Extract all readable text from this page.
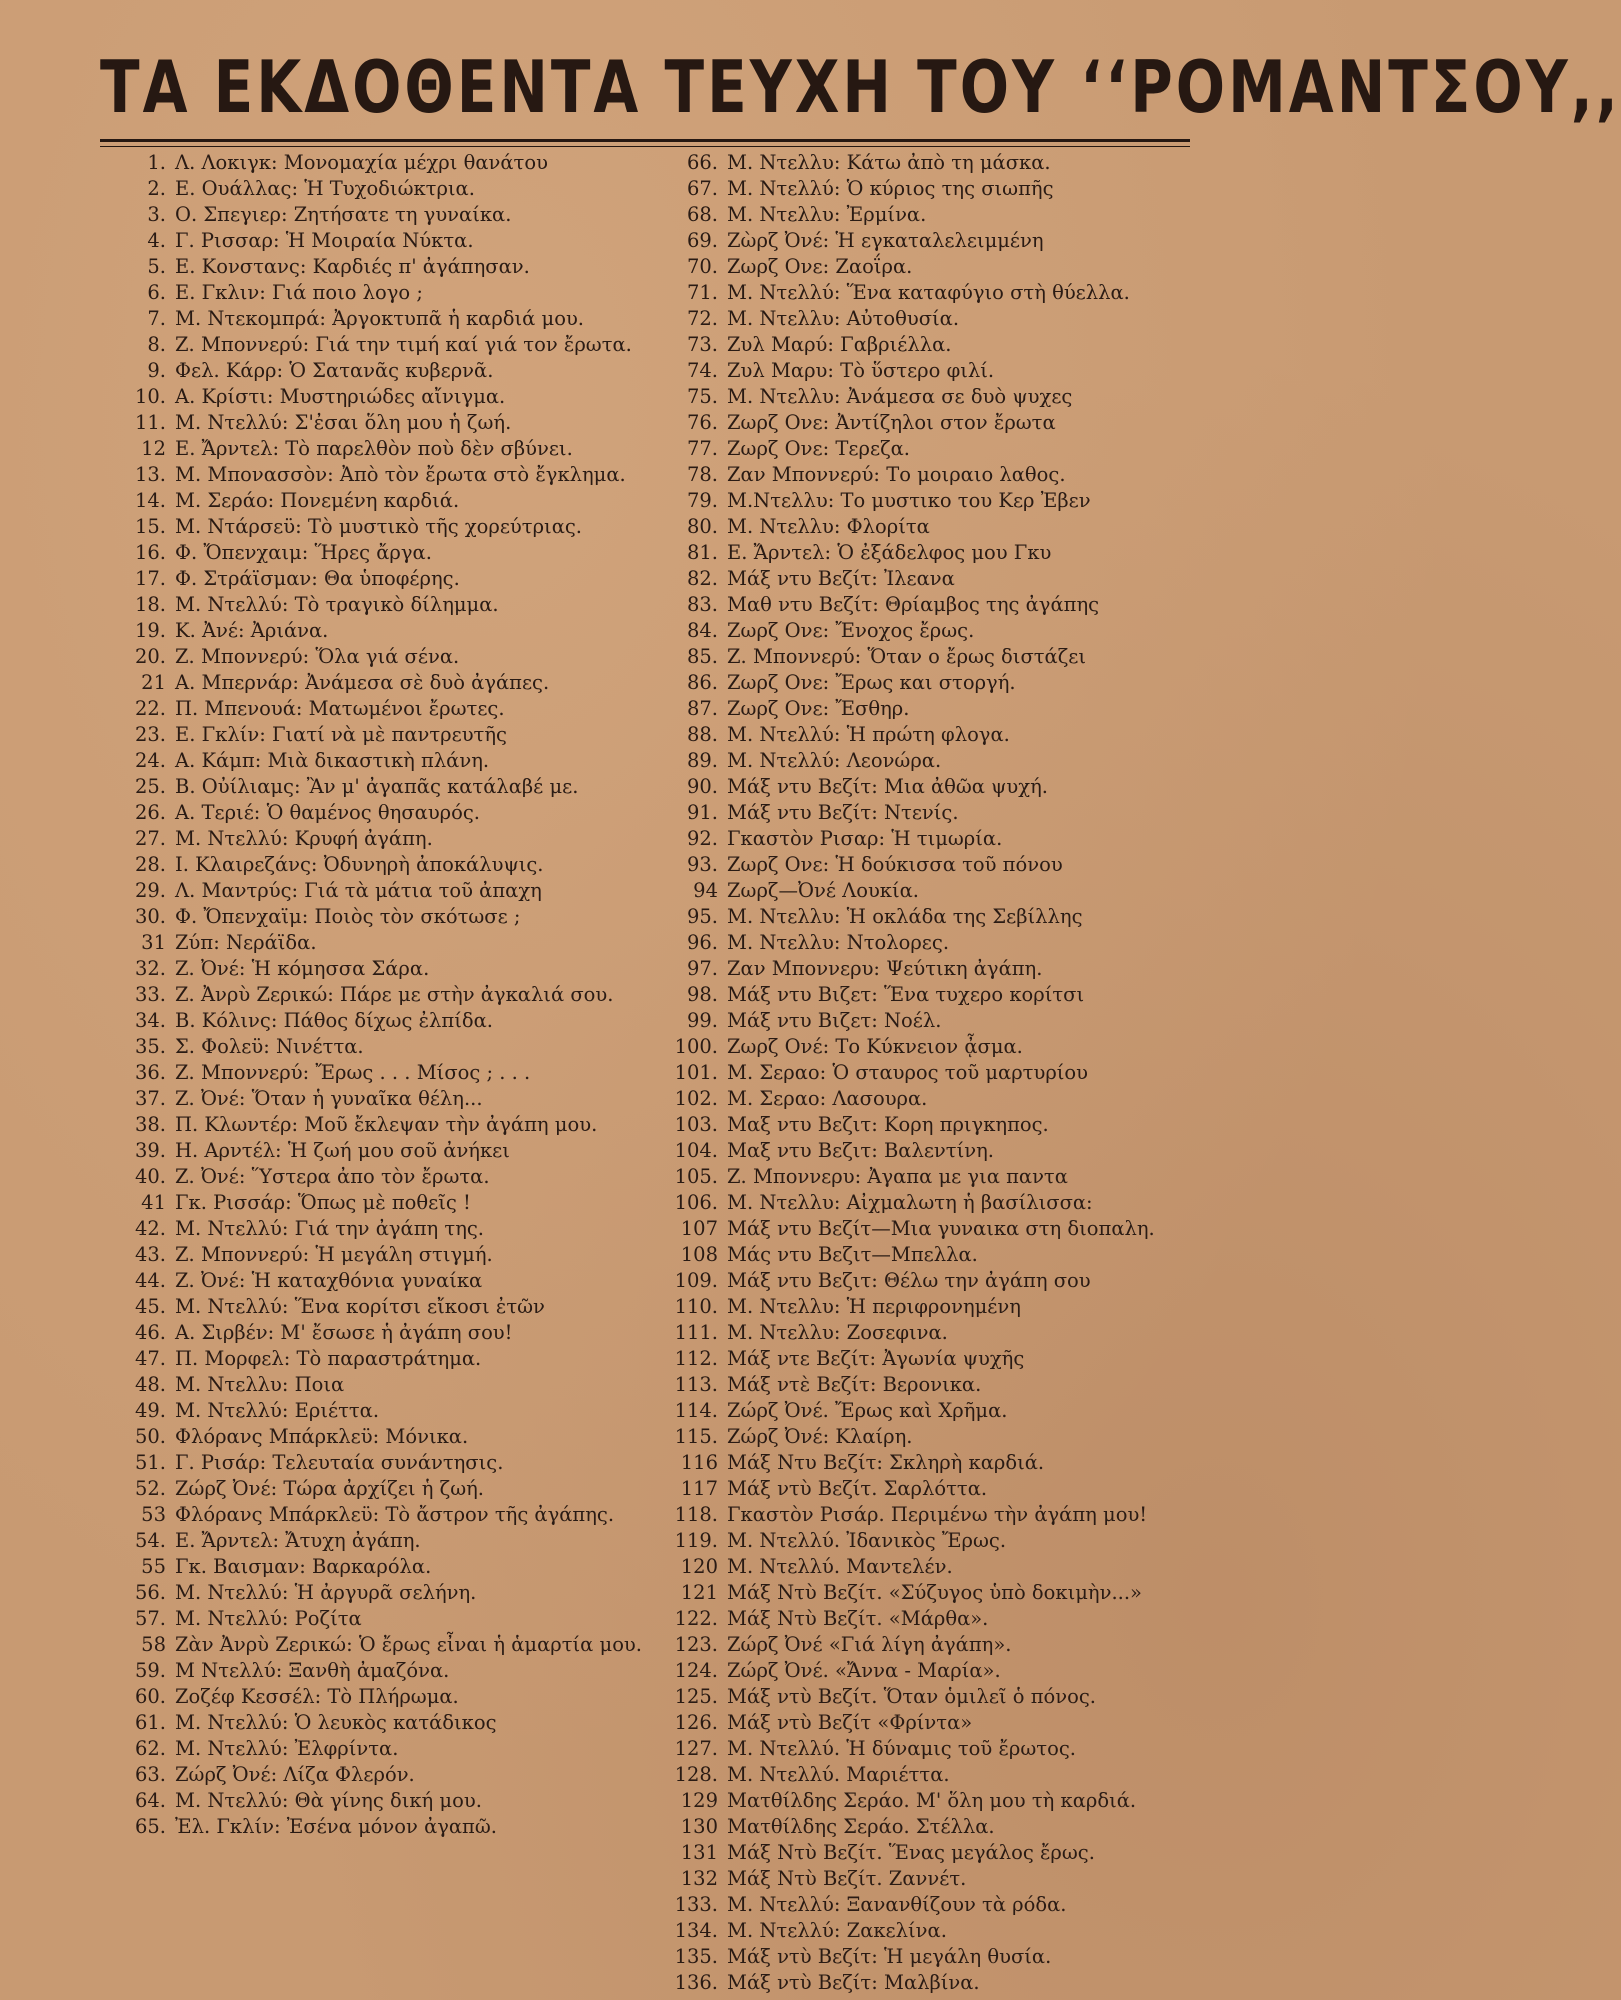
ΤΑ ΕΚΔΟΘΕΝΤΑ ΤΕΥΧΗ ΤΟΥ ‘‘ΡΟΜΑΝΤΣΟΥ,,
1. Λ. Λοκιγκ: Μονομαχία μέχρι θανάτου
2. Ε. Ουάλλας: Ἡ Τυχοδιώκτρια.
3. Ο. Σπεγιερ: Ζητήσατε τη γυναίκα.
4. Γ. Ρισσαρ: Ἡ Μοιραία Νύκτα.
5. Ε. Κονστανς: Καρδιές π' ἀγάπησαν.
6. Ε. Γκλιν: Γιά ποιο λογο ;
7. Μ. Ντεκομπρά: Ἀργοκτυπᾶ ἡ καρδιά μου.
8. Ζ. Μποννερύ: Γιά την τιμή καί γιά τον ἔρωτα.
9. Φελ. Κάρρ: Ὁ Σατανᾶς κυβερνᾶ.
10. Α. Κρίστι: Μυστηριώδες αἴνιγμα.
11. Μ. Ντελλύ: Σ'ἐσαι ὅλη μου ἡ ζωή.
12 Ε. Ἄρντελ: Τὸ παρελθὸν ποὺ δὲν σβύνει.
13. Μ. Μπονασσὸν: Ἀπὸ τὸν ἔρωτα στὸ ἔγκλημα.
14. Μ. Σεράο: Πονεμένη καρδιά.
15. Μ. Ντάρσεϋ: Τὸ μυστικὸ τῆς χορεύτριας.
16. Φ. Ὄπενχαιμ: Ἥρες ἄργα.
17. Φ. Στράϊσμαν: Θα ὑποφέρης.
18. Μ. Ντελλύ: Τὸ τραγικὸ δίλημμα.
19. Κ. Ἀνέ: Ἀριάνα.
20. Ζ. Μποννερύ: Ὅλα γιά σένα.
21 Α. Μπερνάρ: Ἀνάμεσα σὲ δυὸ ἀγάπες.
22. Π. Μπενουά: Ματωμένοι ἔρωτες.
23. Ε. Γκλίν: Γιατί νὰ μὲ παντρευτῆς
24. Α. Κάμπ: Μιὰ δικαστικὴ πλάνη.
25. Β. Οὐίλιαμς: Ἂν μ' ἀγαπᾶς κατάλαβέ με.
26. Α. Τεριέ: Ὁ θαμένος θησαυρός.
27. Μ. Ντελλύ: Κρυφή ἀγάπη.
28. Ι. Κλαιρεζάνς: Ὀδυνηρὴ ἀποκάλυψις.
29. Λ. Μαντρύς: Γιά τὰ μάτια τοῦ ἀπαχη
30. Φ. Ὄπενχαϊμ: Ποιὸς τὸν σκότωσε ;
31 Ζύπ: Νεράϊδα.
32. Ζ. Ὀνέ: Ἡ κόμησσα Σάρα.
33. Ζ. Ἀνρὺ Ζερικώ: Πάρε με στὴν ἀγκαλιά σου.
34. Β. Κόλινς: Πάθος δίχως ἐλπίδα.
35. Σ. Φολεϋ: Νινέττα.
36. Ζ. Μποννερύ: Ἔρως . . . Μίσος ; . . .
37. Ζ. Ὀνέ: Ὅταν ἡ γυναῖκα θέλη...
38. Π. Κλωντέρ: Μοῦ ἔκλεψαν τὴν ἀγάπη μου.
39. Η. Αρντέλ: Ἡ ζωή μου σοῦ ἀνήκει
40. Ζ. Ὀνέ: Ὕστερα ἀπο τὸν ἔρωτα.
41 Γκ. Ρισσάρ: Ὅπως μὲ ποθεῖς !
42. Μ. Ντελλύ: Γιά την ἀγάπη της.
43. Ζ. Μποννερύ: Ἡ μεγάλη στιγμή.
44. Ζ. Ὀνέ: Ἡ καταχθόνια γυναίκα
45. Μ. Ντελλύ: Ἕνα κορίτσι εἴκοσι ἐτῶν
46. Α. Σιρβέν: Μ' ἔσωσε ἡ ἀγάπη σου!
47. Π. Μορφελ: Τὸ παραστράτημα.
48. Μ. Ντελλυ: Ποια
49. Μ. Ντελλύ: Εριέττα.
50. Φλόρανς Μπάρκλεϋ: Μόνικα.
51. Γ. Ρισάρ: Τελευταία συνάντησις.
52. Ζώρζ Ὀνέ: Τώρα ἀρχίζει ἡ ζωή.
53 Φλόρανς Μπάρκλεϋ: Τὸ ἄστρον τῆς ἀγάπης.
54. Ε. Ἄρντελ: Ἄτυχη ἀγάπη.
55 Γκ. Βαισμαν: Βαρκαρόλα.
56. Μ. Ντελλύ: Ἡ ἀργυρᾶ σελήνη.
57. Μ. Ντελλύ: Ροζίτα
58 Ζὰν Ἀνρὺ Ζερικώ: Ὁ ἔρως εἶναι ἡ ἁμαρτία μου.
59. Μ Ντελλύ: Ξανθὴ ἀμαζόνα.
60. Ζοζέφ Κεσσέλ: Τὸ Πλήρωμα.
61. Μ. Ντελλύ: Ὁ λευκὸς κατάδικος
62. Μ. Ντελλύ: Ἐλφρίντα.
63. Ζώρζ Ὀνέ: Λίζα Φλερόν.
64. Μ. Ντελλύ: Θὰ γίνης δική μου.
65. Ἐλ. Γκλίν: Ἐσένα μόνον ἀγαπῶ.
66. Μ. Ντελλυ: Κάτω ἀπὸ τη μάσκα.
67. Μ. Ντελλύ: Ὁ κύριος της σιωπῆς
68. Μ. Ντελλυ: Ἐρμίνα.
69. Ζὼρζ Ὀνέ: Ἡ εγκαταλελειμμένη
70. Ζωρζ Ονε: Ζαοΐρα.
71. Μ. Ντελλύ: Ἕνα καταφύγιο στὴ θύελλα.
72. Μ. Ντελλυ: Αὐτοθυσία.
73. Ζυλ Μαρύ: Γαβριέλλα.
74. Ζυλ Μαρυ: Τὸ ὕστερο φιλί.
75. Μ. Ντελλυ: Ἀνάμεσα σε δυὸ ψυχες
76. Ζωρζ Ονε: Ἀντίζηλοι στον ἔρωτα
77. Ζωρζ Ονε: Τερεζα.
78. Ζαν Μποννερύ: Το μοιραιο λαθος.
79. Μ.Ντελλυ: Το μυστικο του Κερ Ἐβεν
80. Μ. Ντελλυ: Φλορίτα
81. Ε. Ἄρντελ: Ὁ ἐξάδελφος μου Γκυ
82. Μάξ ντυ Βεζίτ: Ἰλεανα
83. Μαθ ντυ Βεζίτ: Θρίαμβος της ἀγάπης
84. Ζωρζ Ονε: Ἔνοχος ἔρως.
85. Ζ. Μποννερύ: Ὅταν ο ἔρως διστάζει
86. Ζωρζ Ονε: Ἔρως και στοργή.
87. Ζωρζ Ονε: Ἔσθηρ.
88. Μ. Ντελλύ: Ἡ πρώτη φλογα.
89. Μ. Ντελλύ: Λεονώρα.
90. Μάξ ντυ Βεζίτ: Μια ἀθῶα ψυχή.
91. Μάξ ντυ Βεζίτ: Ντενίς.
92. Γκαστὸν Ρισαρ: Ἡ τιμωρία.
93. Ζωρζ Ονε: Ἡ δούκισσα τοῦ πόνου
94 Ζωρζ—Ὀνέ Λουκία.
95. Μ. Ντελλυ: Ἡ οκλάδα της Σεβίλλης
96. Μ. Ντελλυ: Ντολορες.
97. Ζαν Μποννερυ: Ψεύτικη ἀγάπη.
98. Μάξ ντυ Βιζετ: Ἕνα τυχερο κορίτσι
99. Μάξ ντυ Βιζετ: Νοέλ.
100. Ζωρζ Ονέ: Το Κύκνειον ᾆσμα.
101. Μ. Σεραο: Ὁ σταυρος τοῦ μαρτυρίου
102. Μ. Σεραο: Λασουρα.
103. Μαξ ντυ Βεζιτ: Κορη πριγκηπος.
104. Μαξ ντυ Βεζιτ: Βαλεντίνη.
105. Ζ. Μποννερυ: Ἀγαπα με για παντα
106. Μ. Ντελλυ: Αἰχμαλωτη ἡ βασίλισσα:
107 Μάξ ντυ Βεζίτ—Μια γυναικα στη διοπαλη.
108 Μάς ντυ Βεζιτ—Μπελλα.
109. Μάξ ντυ Βεζιτ: Θέλω την ἀγάπη σου
110. Μ. Ντελλυ: Ἡ περιφρονημένη
111. Μ. Ντελλυ: Ζοσεφινα.
112. Μάξ ντε Βεζίτ: Ἀγωνία ψυχῆς
113. Μάξ ντὲ Βεζίτ: Βερονικα.
114. Ζώρζ Ὀνέ. Ἔρως καὶ Χρῆμα.
115. Ζώρζ Ὀνέ: Κλαίρη.
116 Μάξ Ντυ Βεζίτ: Σκληρὴ καρδιά.
117 Μάξ ντὺ Βεζίτ. Σαρλόττα.
118. Γκαστὸν Ρισάρ. Περιμένω τὴν ἀγάπη μου!
119. Μ. Ντελλύ. Ἰδανικὸς Ἔρως.
120 Μ. Ντελλύ. Μαντελέν.
121 Μάξ Ντὺ Βεζίτ. «Σύζυγος ὑπὸ δοκιμὴν...»
122. Μάξ Ντὺ Βεζίτ. «Μάρθα».
123. Ζώρζ Ὀνέ «Γιά λίγη ἀγάπη».
124. Ζώρζ Ὀνέ. «Ἄννα - Μαρία».
125. Μάξ ντὺ Βεζίτ. Ὅταν ὁμιλεῖ ὁ πόνος.
126. Μάξ ντὺ Βεζίτ «Φρίντα»
127. Μ. Ντελλύ. Ἡ δύναμις τοῦ ἔρωτος.
128. Μ. Ντελλύ. Μαριέττα.
129 Ματθίλδης Σεράο. Μ' ὅλη μου τὴ καρδιά.
130 Ματθίλδης Σεράο. Στέλλα.
131 Μάξ Ντὺ Βεζίτ. Ἕνας μεγάλος ἔρως.
132 Μάξ Ντὺ Βεζίτ. Ζαννέτ.
133. Μ. Ντελλύ: Ξανανθίζουν τὰ ρόδα.
134. Μ. Ντελλύ: Ζακελίνα.
135. Μάξ ντὺ Βεζίτ: Ἡ μεγάλη θυσία.
136. Μάξ ντὺ Βεζίτ: Μαλβίνα.
